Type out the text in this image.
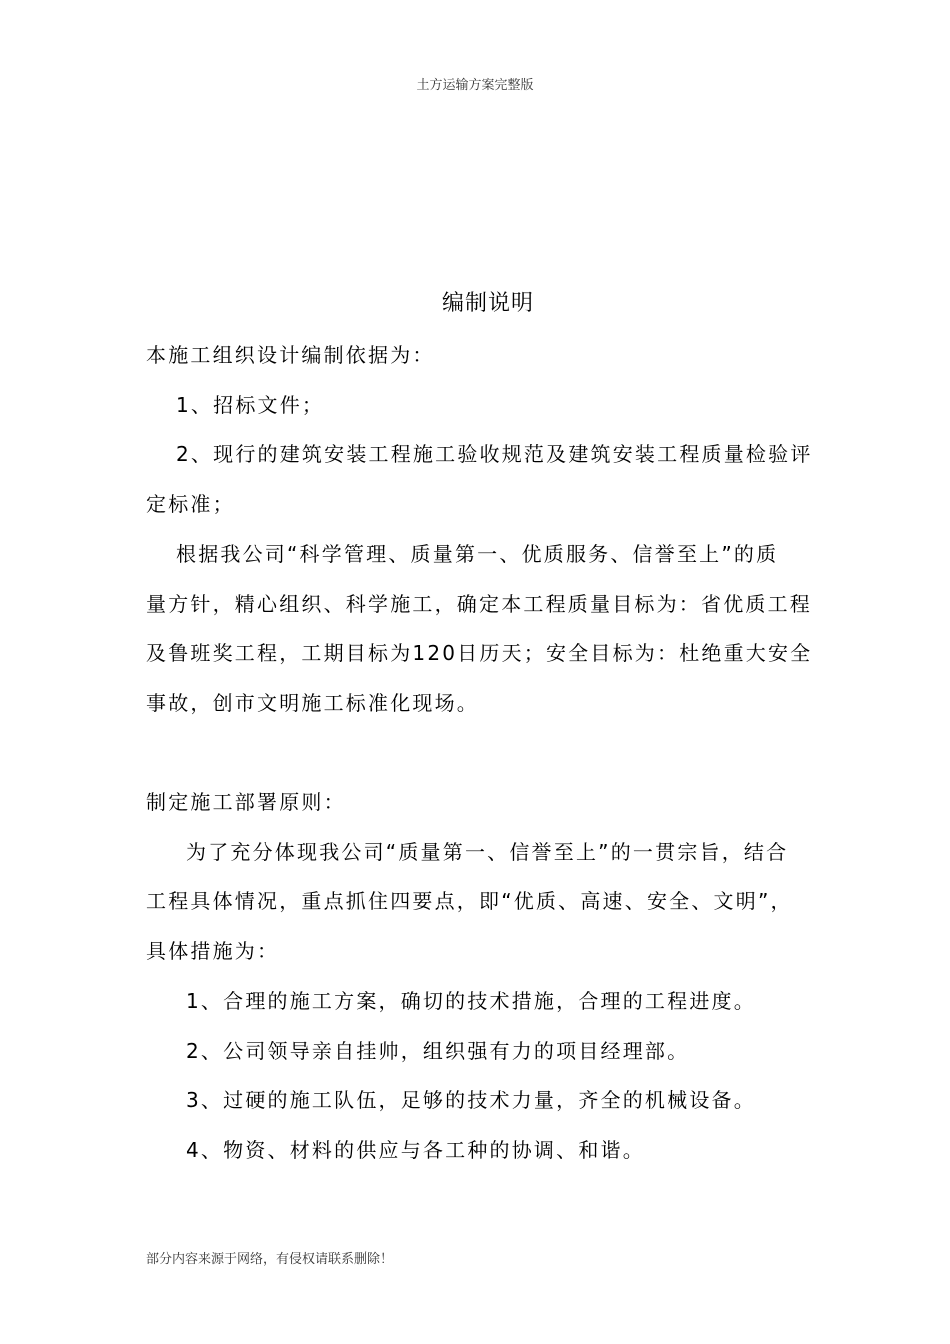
土方运输方案完整版
编制说明
本施工组织设计编制依据为：
1、招标文件；
2、现行的建筑安装工程施工验收规范及建筑安装工程质量检验评
定标准；
根据我公司“科学管理、质量第一、优质服务、信誉至上”的质
量方针，精心组织、科学施工，确定本工程质量目标为：省优质工程
及鲁班奖工程，工期目标为120日历天；安全目标为：杜绝重大安全
事故，创市文明施工标准化现场。
制定施工部署原则：
为了充分体现我公司“质量第一、信誉至上”的一贯宗旨，结合
工程具体情况，重点抓住四要点，即“优质、高速、安全、文明”，
具体措施为：
1、合理的施工方案，确切的技术措施，合理的工程进度。
2、公司领导亲自挂帅，组织强有力的项目经理部。
3、过硬的施工队伍，足够的技术力量，齐全的机械设备。
4、物资、材料的供应与各工种的协调、和谐。
部分内容来源于网络，有侵权请联系删除！
